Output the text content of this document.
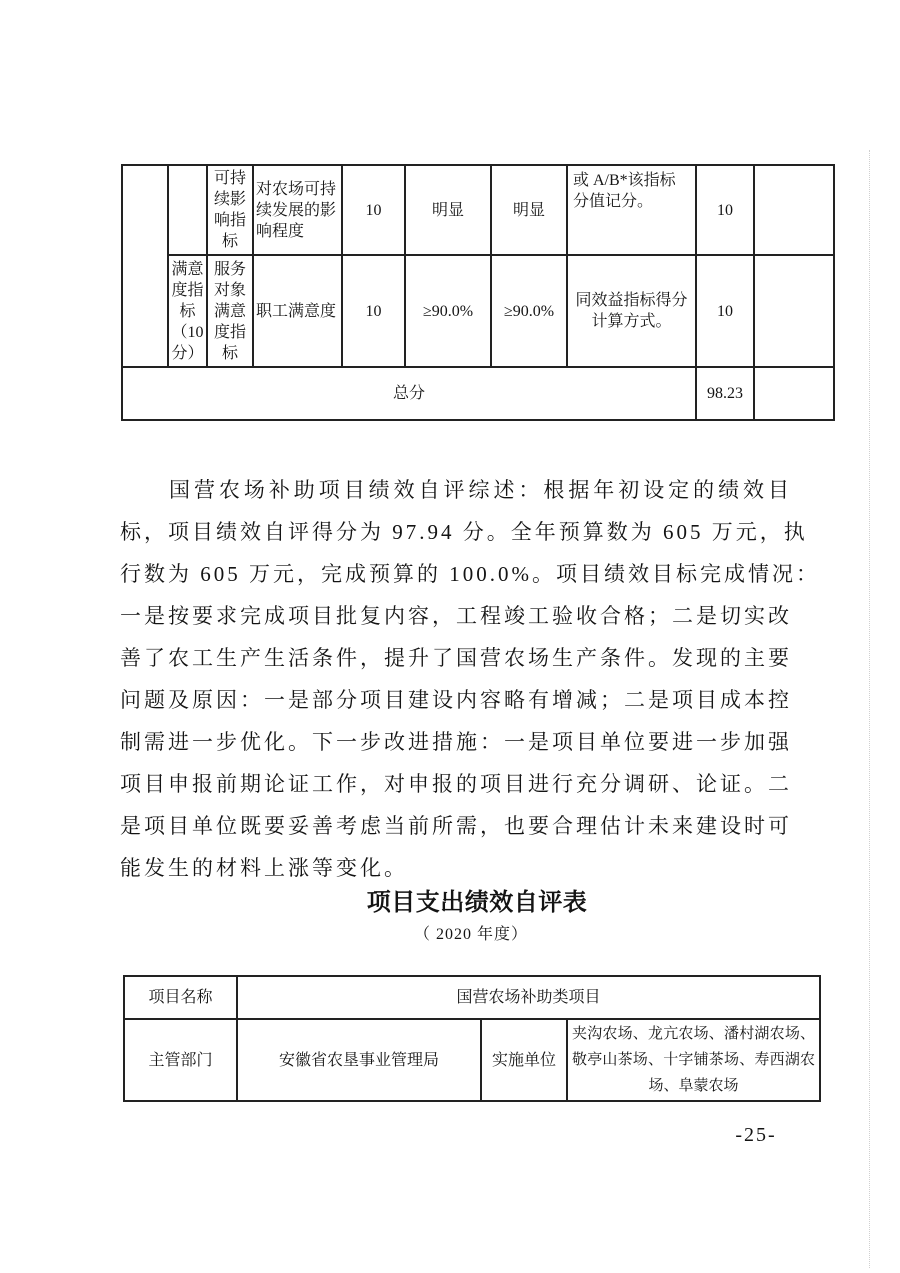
		可持续影响指标	对农场可持续发展的影响程度	10	明显	明显	或 A/B*该指标分值记分。	10	
	满意度指标（10分）	服务对象满意度指标	职工满意度	10	≥90.0%	≥90.0%	同效益指标得分计算方式。	10	
总分								98.23	
国营农场补助项目绩效自评综述：根据年初设定的绩效目
标，项目绩效自评得分为 97.94 分。全年预算数为 605 万元，执
行数为 605 万元，完成预算的 100.0%。项目绩效目标完成情况：
一是按要求完成项目批复内容，工程竣工验收合格；二是切实改
善了农工生产生活条件，提升了国营农场生产条件。发现的主要
问题及原因：一是部分项目建设内容略有增减；二是项目成本控
制需进一步优化。下一步改进措施：一是项目单位要进一步加强
项目申报前期论证工作，对申报的项目进行充分调研、论证。二
是项目单位既要妥善考虑当前所需，也要合理估计未来建设时可
能发生的材料上涨等变化。
项目支出绩效自评表
（ 2020 年度）
项目名称	国营农场补助类项目		
主管部门	安徽省农垦事业管理局	实施单位	夹沟农场、龙亢农场、潘村湖农场、敬亭山茶场、十字铺茶场、寿西湖农场、阜蒙农场
-25-
